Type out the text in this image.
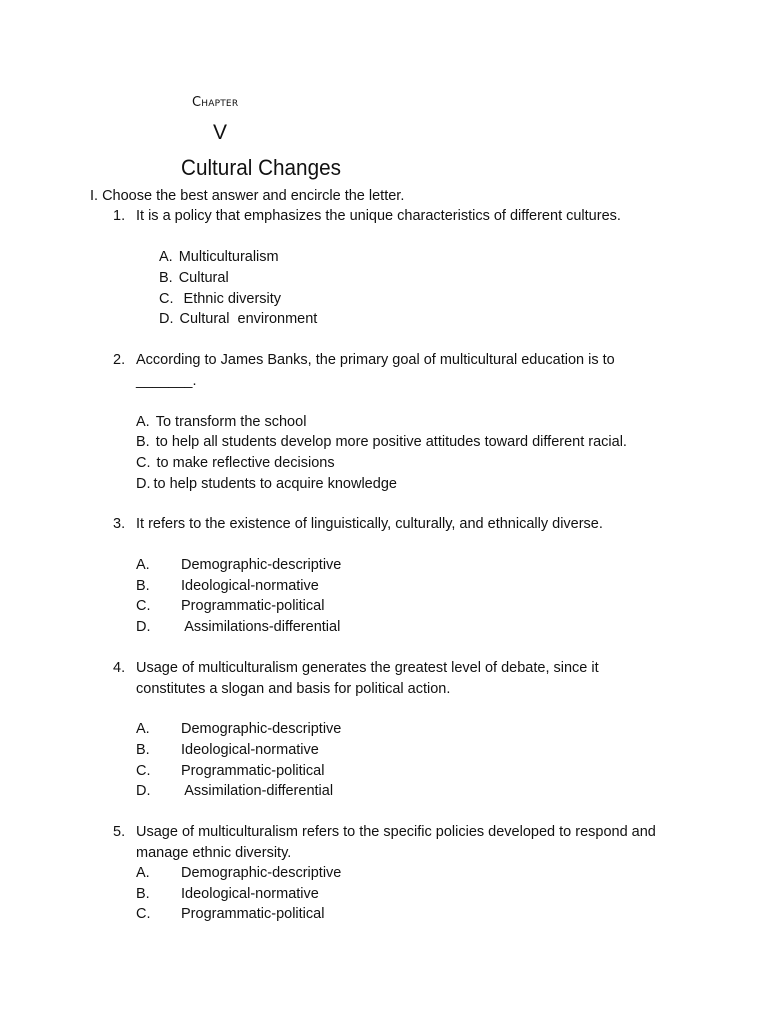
Chapter
V
Cultural Changes
I. Choose the best answer and encircle the letter.
1. It is a policy that emphasizes the unique characteristics of different cultures.
A. Multiculturalism
B. Cultural
C. Ethnic diversity
D. Cultural  environment
2. According to James Banks, the primary goal of multicultural education is to
_______.
A. To transform the school
B. to help all students develop more positive attitudes toward different racial.
C. to make reflective decisions
D. to help students to acquire knowledge
3. It refers to the existence of linguistically, culturally, and ethnically diverse.
A. Demographic-descriptive
B. Ideological-normative
C. Programmatic-political
D. Assimilations-differential
4. Usage of multiculturalism generates the greatest level of debate, since it
constitutes a slogan and basis for political action.
A. Demographic-descriptive
B. Ideological-normative
C. Programmatic-political
D. Assimilation-differential
5. Usage of multiculturalism refers to the specific policies developed to respond and
manage ethnic diversity.
A. Demographic-descriptive
B. Ideological-normative
C. Programmatic-political
